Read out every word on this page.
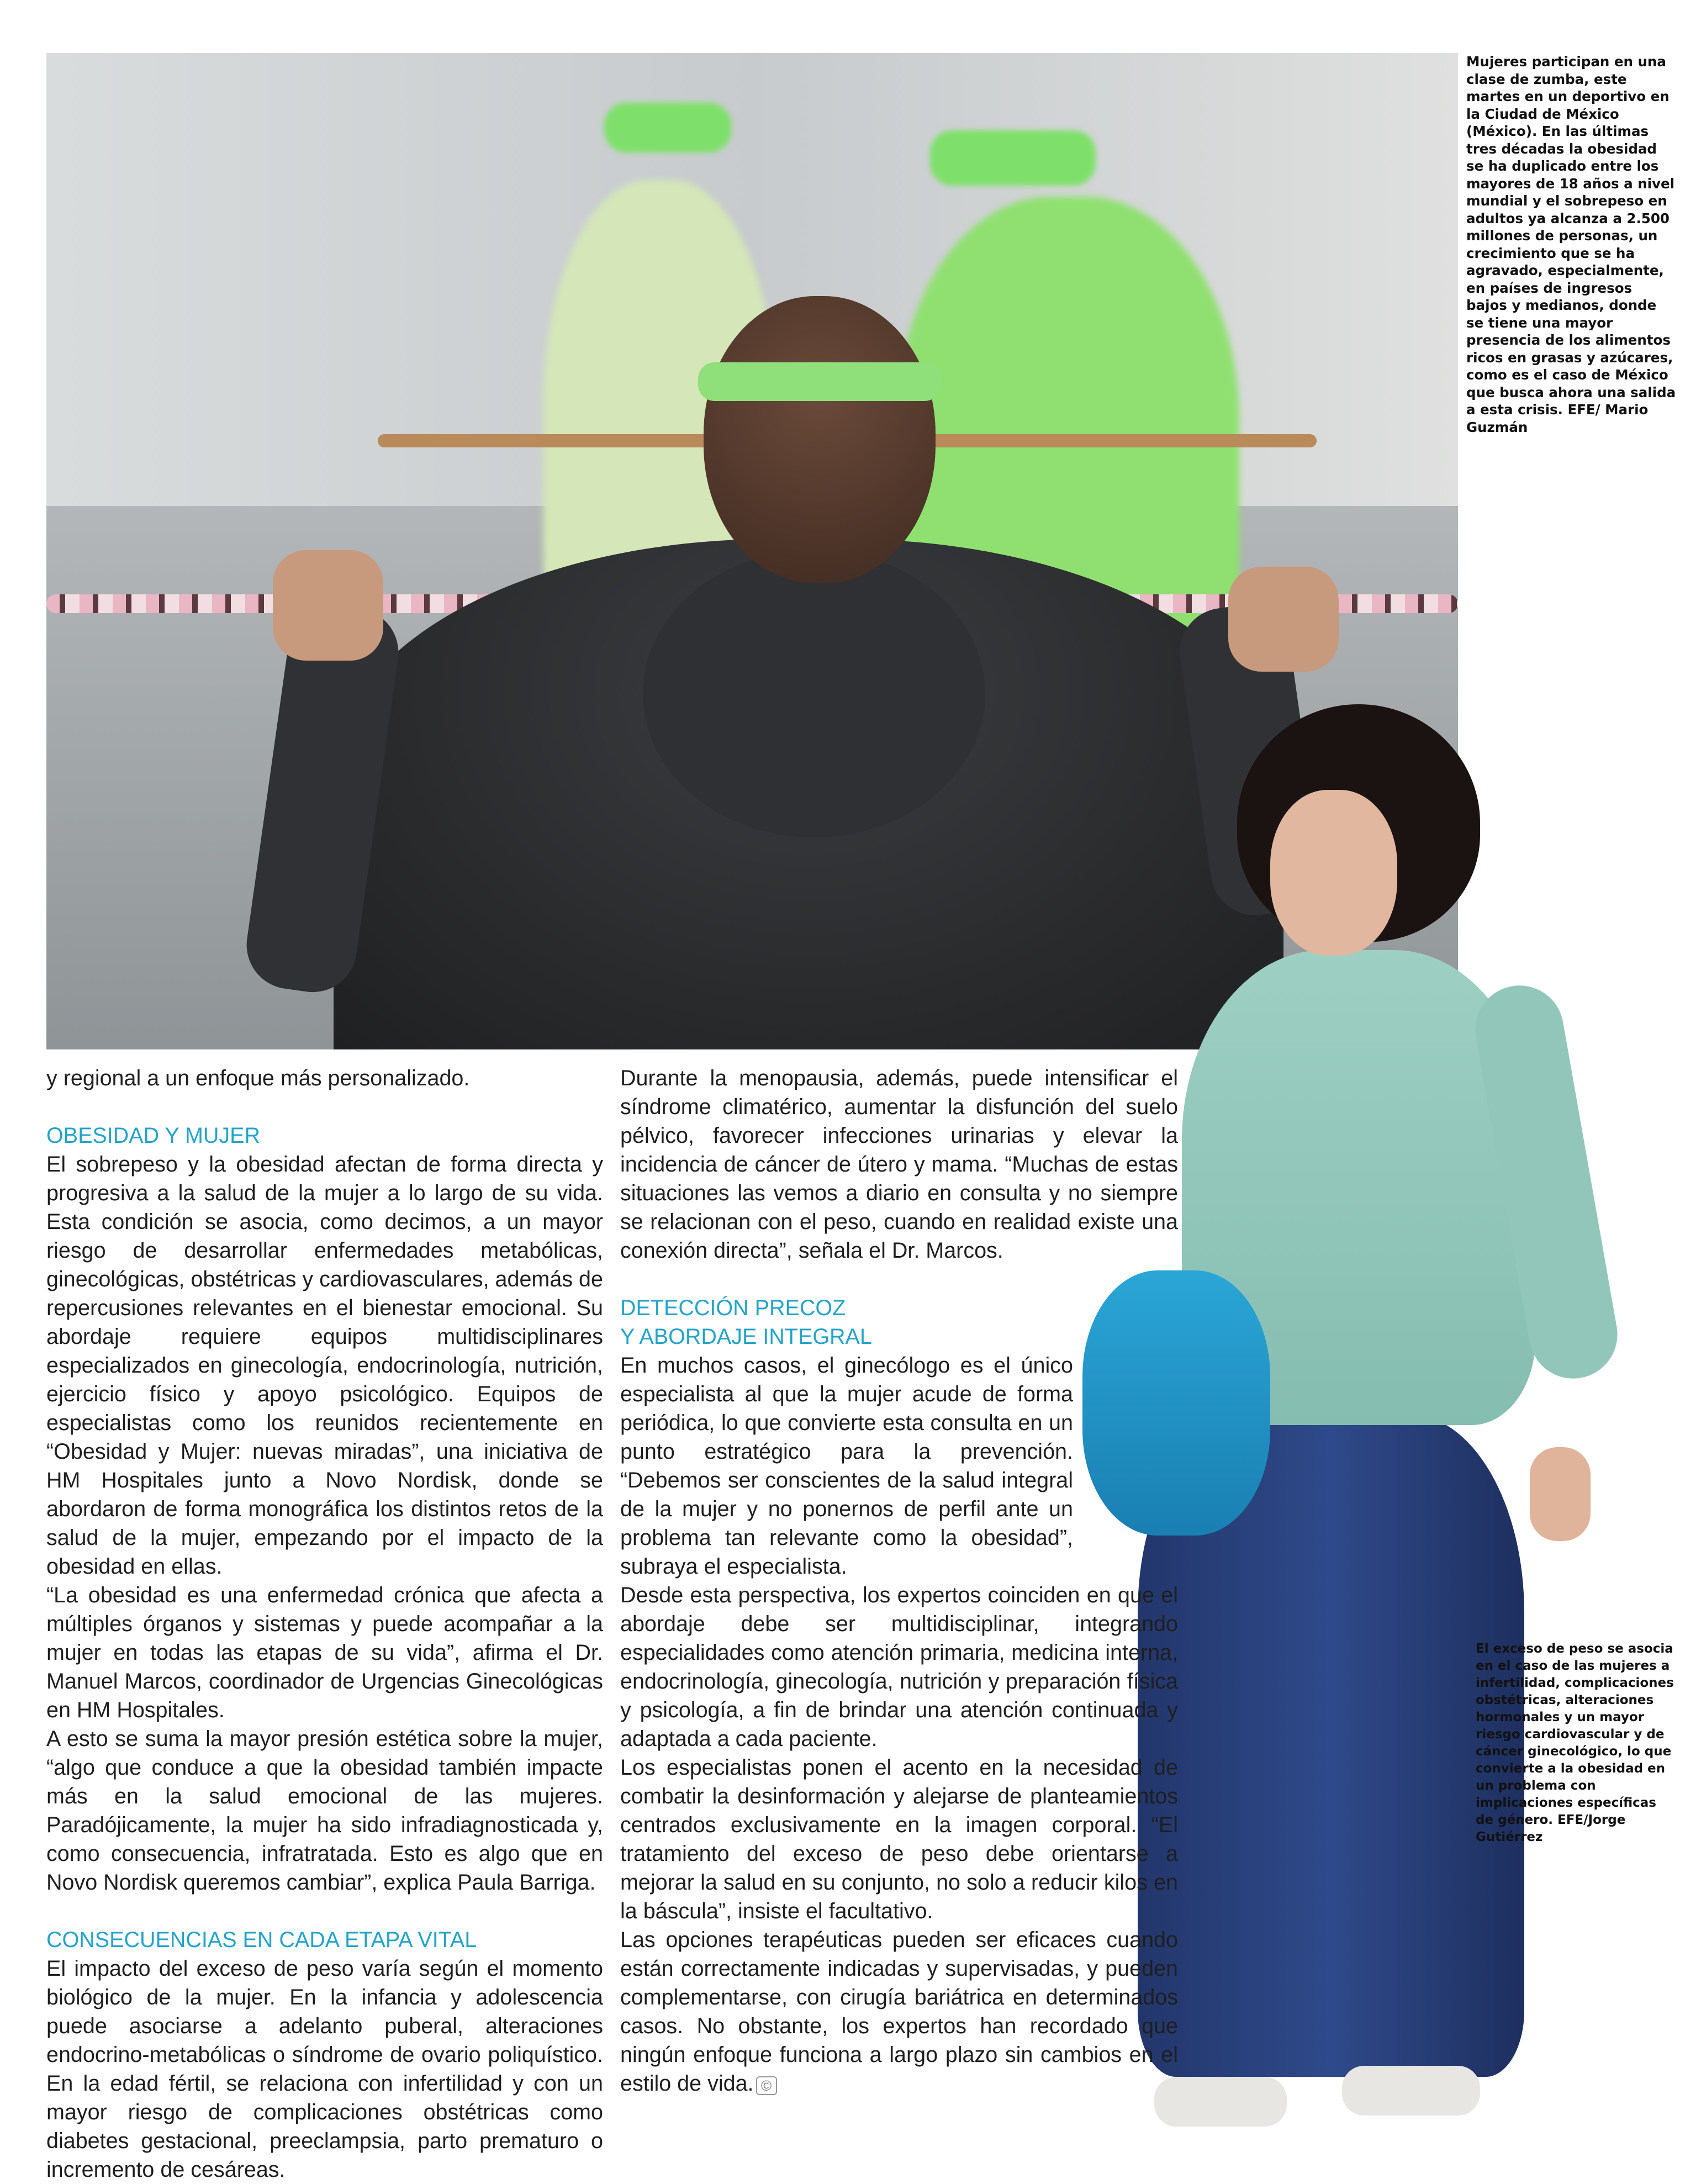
Mujeres participan en una clase de zumba, este martes en un deportivo en la Ciudad de México (México). En las últimas tres décadas la obesidad se ha duplicado entre los mayores de 18 años a nivel mundial y el sobrepeso en adultos ya alcanza a 2.500 millones de personas, un crecimiento que se ha agravado, especialmente, en países de ingresos bajos y medianos, donde se tiene una mayor presencia de los alimentos ricos en grasas y azúcares, como es el caso de México que busca ahora una salida a esta crisis. EFE/ Mario Guzmán

y regional a un enfoque más personalizado.

OBESIDAD Y MUJER

El sobrepeso y la obesidad afectan de forma directa y progresiva a la salud de la mujer a lo largo de su vida. Esta condición se asocia, como decimos, a un mayor riesgo de desarrollar enfermedades metabólicas, ginecológicas, obstétricas y cardiovasculares, además de repercusiones relevantes en el bienestar emocional. Su abordaje requiere equipos multidisciplinares especializados en ginecología, endocrinología, nutrición, ejercicio físico y apoyo psicológico. Equipos de especialistas como los reunidos recientemente en “Obesidad y Mujer: nuevas miradas”, una iniciativa de HM Hospitales junto a Novo Nordisk, donde se abordaron de forma monográfica los distintos retos de la salud de la mujer, empezando por el impacto de la obesidad en ellas.

“La obesidad es una enfermedad crónica que afecta a múltiples órganos y sistemas y puede acompañar a la mujer en todas las etapas de su vida”, afirma el Dr. Manuel Marcos, coordinador de Urgencias Ginecológicas en HM Hospitales.

A esto se suma la mayor presión estética sobre la mujer, “algo que conduce a que la obesidad también impacte más en la salud emocional de las mujeres. Paradójicamente, la mujer ha sido infradiagnosticada y, como consecuencia, infratratada. Esto es algo que en Novo Nordisk queremos cambiar”, explica Paula Barriga.

CONSECUENCIAS EN CADA ETAPA VITAL

El impacto del exceso de peso varía según el momento biológico de la mujer. En la infancia y adolescencia puede asociarse a adelanto puberal, alteraciones endocrino-metabólicas o síndrome de ovario poliquístico. En la edad fértil, se relaciona con infertilidad y con un mayor riesgo de complicaciones obstétricas como diabetes gestacional, preeclampsia, parto prematuro o incremento de cesáreas.

Durante la menopausia, además, puede intensificar el síndrome climatérico, aumentar la disfunción del suelo pélvico, favorecer infecciones urinarias y elevar la incidencia de cáncer de útero y mama. “Muchas de estas situaciones las vemos a diario en consulta y no siempre se relacionan con el peso, cuando en realidad existe una conexión directa”, señala el Dr. Marcos.

DETECCIÓN PRECOZ

Y ABORDAJE INTEGRAL

En muchos casos, el ginecólogo es el único especialista al que la mujer acude de forma periódica, lo que convierte esta consulta en un punto estratégico para la prevención. “Debemos ser conscientes de la salud integral de la mujer y no ponernos de perfil ante un problema tan relevante como la obesidad”, subraya el especialista.

Desde esta perspectiva, los expertos coinciden en que el abordaje debe ser multidisciplinar, integrando especialidades como atención primaria, medicina interna, endocrinología, ginecología, nutrición y preparación física y psicología, a fin de brindar una atención continuada y adaptada a cada paciente.

Los especialistas ponen el acento en la necesidad de combatir la desinformación y alejarse de planteamientos centrados exclusivamente en la imagen corporal. “El tratamiento del exceso de peso debe orientarse a mejorar la salud en su conjunto, no solo a reducir kilos en la báscula”, insiste el facultativo.

Las opciones terapéuticas pueden ser eficaces cuando están correctamente indicadas y supervisadas, y pueden complementarse, con cirugía bariátrica en determinados casos. No obstante, los expertos han recordado que ningún enfoque funciona a largo plazo sin cambios en el estilo de vida. ©

El exceso de peso se asocia en el caso de las mujeres a infertilidad, complicaciones obstétricas, alteraciones hormonales y un mayor riesgo cardiovascular y de cáncer ginecológico, lo que convierte a la obesidad en un problema con implicaciones específicas de género. EFE/Jorge Gutiérrez
